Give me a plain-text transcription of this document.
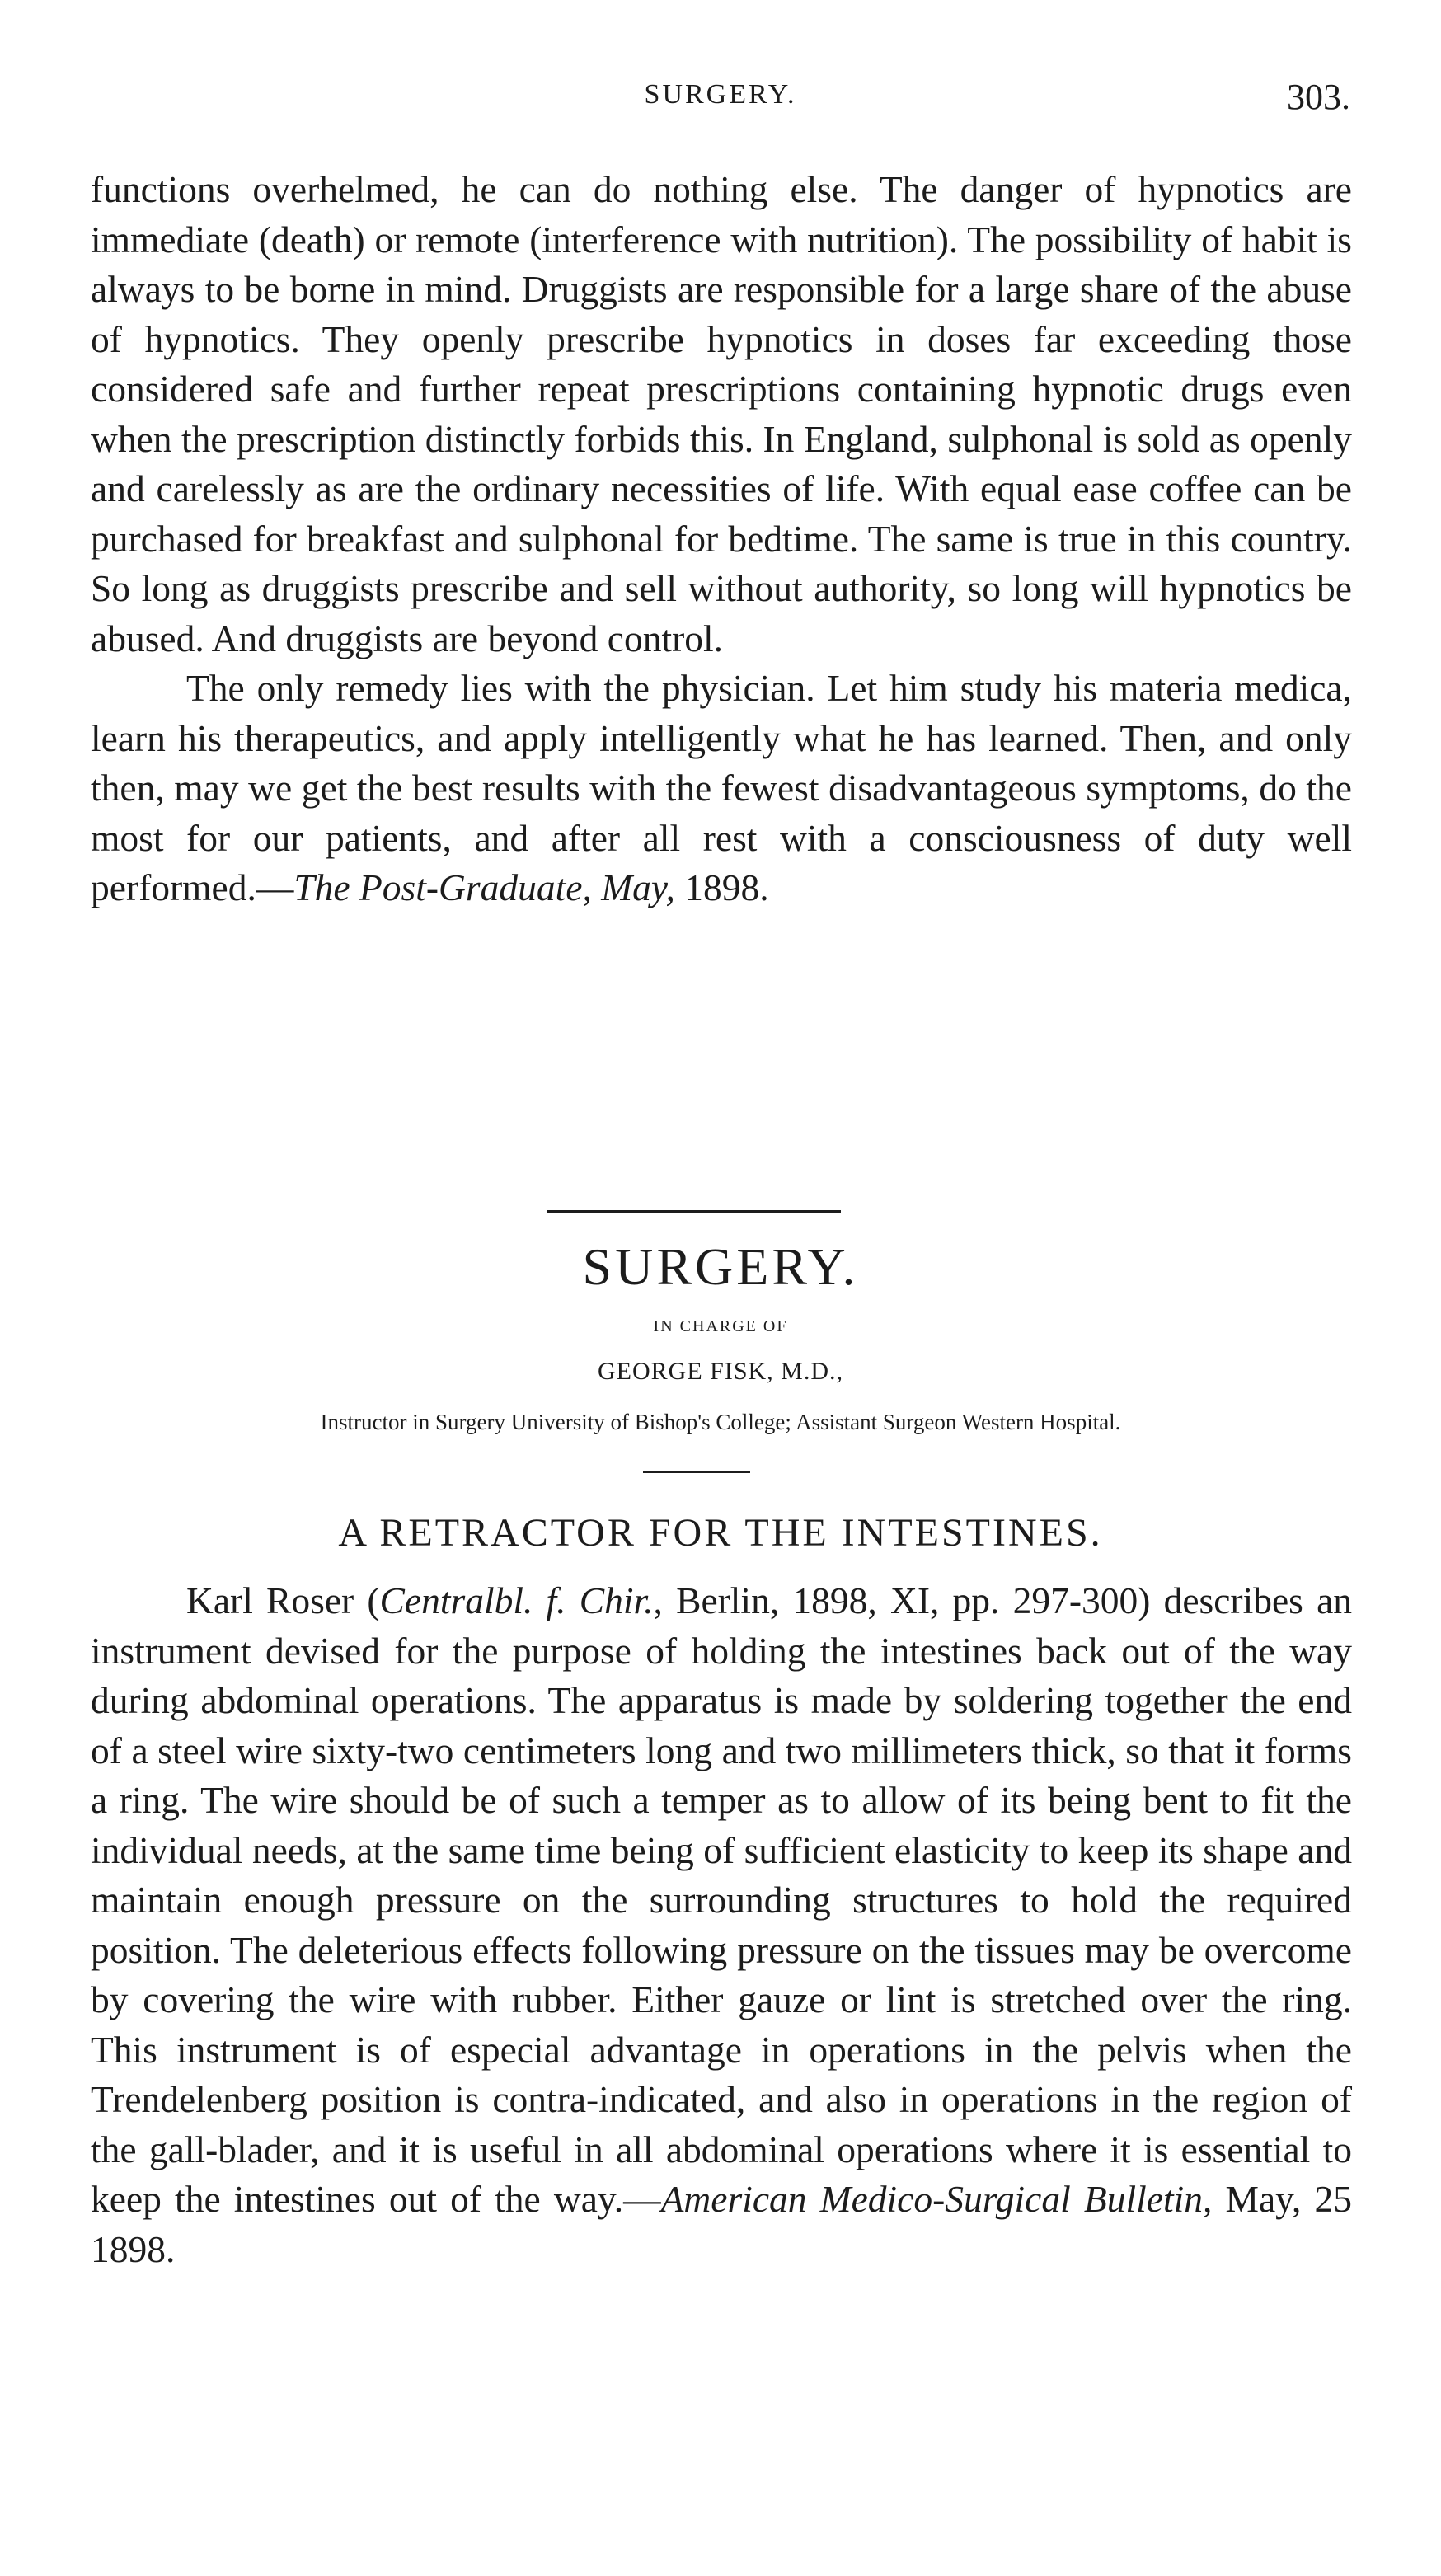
SURGERY.	303.

functions overhelmed, he can do nothing else. The danger of hypnotics are immediate (death) or remote (interference with nutrition). The possibility of habit is always to be borne in mind. Druggists are responsible for a large share of the abuse of hypnotics. They openly prescribe hypnotics in doses far exceeding those considered safe and further repeat prescriptions containing hypnotic drugs even when the prescription distinctly forbids this. In England, sulphonal is sold as openly and carelessly as are the ordinary necessities of life. With equal ease coffee can be purchased for breakfast and sulphonal for bedtime. The same is true in this country. So long as druggists prescribe and sell without authority, so long will hypnotics be abused. And druggists are beyond control.

The only remedy lies with the physician. Let him study his materia medica, learn his therapeutics, and apply intelligently what he has learned. Then, and only then, may we get the best results with the fewest disadvantageous symptoms, do the most for our patients, and after all rest with a consciousness of duty well performed.—The Post-Graduate, May, 1898.

SURGERY.
IN CHARGE OF
GEORGE FISK, M.D.,
Instructor in Surgery University of Bishop's College; Assistant Surgeon Western Hospital.
A RETRACTOR FOR THE INTESTINES.

Karl Roser (Centralbl. f. Chir., Berlin, 1898, XI, pp. 297-300) describes an instrument devised for the purpose of holding the intestines back out of the way during abdominal operations. The apparatus is made by soldering together the end of a steel wire sixty-two centimeters long and two millimeters thick, so that it forms a ring. The wire should be of such a temper as to allow of its being bent to fit the individual needs, at the same time being of sufficient elasticity to keep its shape and maintain enough pressure on the surrounding structures to hold the required position. The deleterious effects following pressure on the tissues may be overcome by covering the wire with rubber. Either gauze or lint is stretched over the ring. This instrument is of especial advantage in operations in the pelvis when the Trendelenberg position is contra-indicated, and also in operations in the region of the gall-blader, and it is useful in all abdominal operations where it is essential to keep the intestines out of the way.—American Medico-Surgical Bulletin, May, 25 1898.
